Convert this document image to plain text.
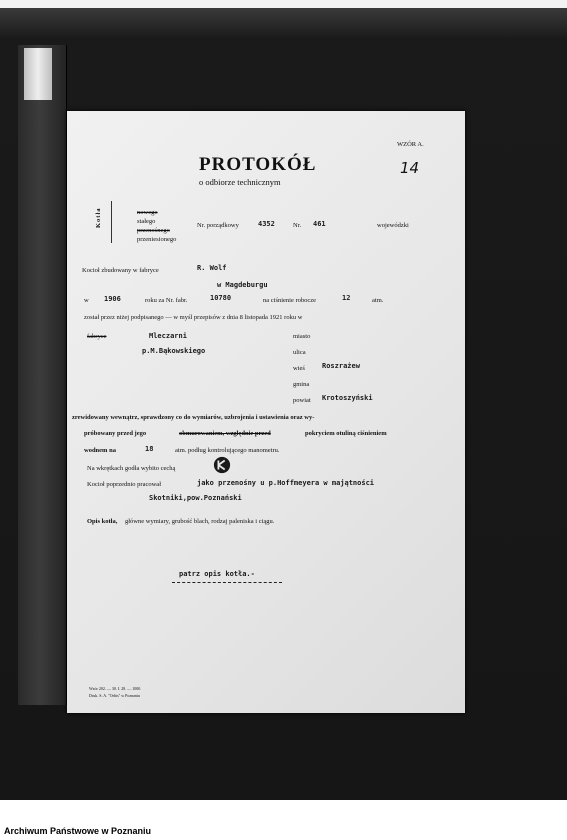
WZÓR A.
14
PROTOKÓŁ
o odbiorze technicznym
Kotła	nowego
stałego
przenośnego
przeniesionego
Nr. porządkowy	4352	Nr. 461	wojewódzki
Kocioł zbudowany w fabryce	R. Wolf
w Magdeburgu
w 1906	roku za Nr. fabr.	10780	na ciśnienie robocze	12	atm.
został przez niżej podpisanego — w myśl przepisów z dnia 8 listopada 1921 roku w
fabryce	Mleczarni
p.M.Bąkowskiego
miasto
ulica
wieś Roszrażew
gmina
powiat Krotoszyński
zrewidowany wewnątrz, sprawdzony co do wymiarów, uzbrojenia i ustawienia oraz wy-
próbowany przed jego	obmurowaniem, względnie przed	pokryciem otuliną ciśnieniem
wodnem na	18	atm. podług kontrolującego manometru.
Na wkrętkach godła wybito cechą
Kocioł poprzednio pracował	jako przenośny u p.Hoffmeyera w majątności
Skotniki,pow.Poznański
Opis kotła, główne wymiary, grubość blach, rodzaj paleniska i ciągu.
patrz opis kotła.-
Wzór 202. — 30. I. 28. — 1000.
Druk. S. A. "Orbis" w Poznaniu
Archiwum Państwowe w Poznaniu
